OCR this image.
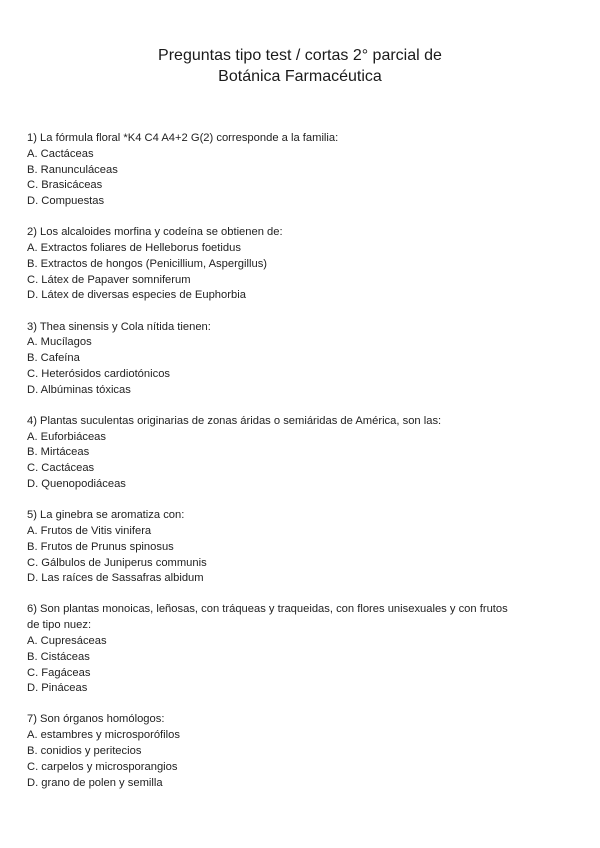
Preguntas tipo test / cortas 2° parcial de
Botánica Farmacéutica
1) La fórmula floral *K4 C4 A4+2 G(2) corresponde a la familia:
A. Cactáceas
B. Ranunculáceas
C. Brasicáceas
D. Compuestas
2) Los alcaloides morfina y codeína se obtienen de:
A. Extractos foliares de Helleborus foetidus
B. Extractos de hongos (Penicillium, Aspergillus)
C. Látex de Papaver somniferum
D. Látex de diversas especies de Euphorbia
3) Thea sinensis y Cola nítida tienen:
A. Mucílagos
B. Cafeína
C. Heterósidos cardiotónicos
D. Albúminas tóxicas
4) Plantas suculentas originarias de zonas áridas o semiáridas de América, son las:
A. Euforbiáceas
B. Mirtáceas
C. Cactáceas
D. Quenopodiáceas
5) La ginebra se aromatiza con:
A. Frutos de Vitis vinifera
B. Frutos de Prunus spinosus
C. Gálbulos de Juniperus communis
D. Las raíces de Sassafras albidum
6) Son plantas monoicas, leñosas, con tráqueas y traqueidas, con flores unisexuales y con frutos
de tipo nuez:
A. Cupresáceas
B. Cistáceas
C. Fagáceas
D. Pináceas
7) Son órganos homólogos:
A. estambres y microsporófilos
B. conidios y peritecios
C. carpelos y microsporangios
D. grano de polen y semilla
